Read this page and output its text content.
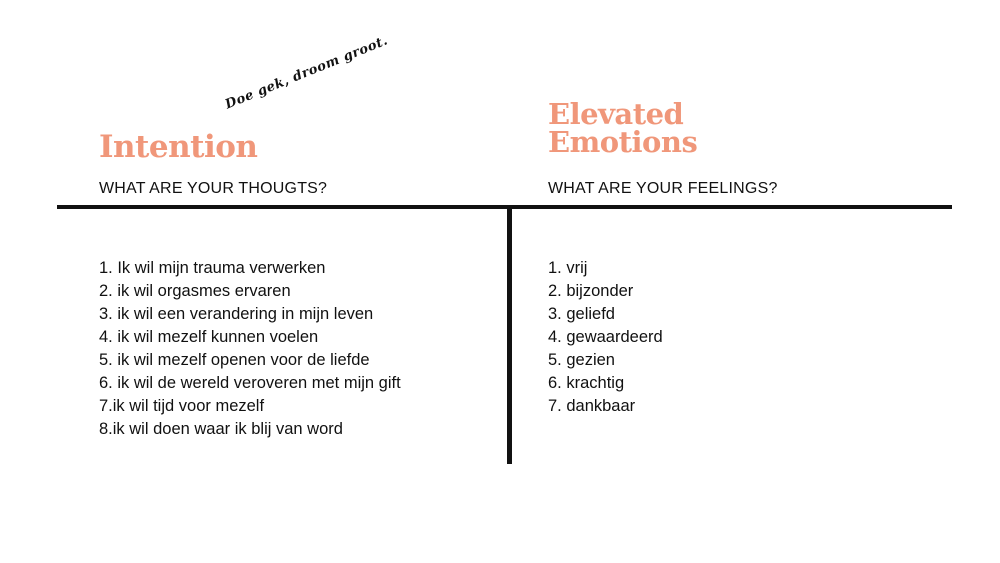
Doe gek, droom groot.
Intention
Elevated
Emotions

WHAT ARE YOUR THOUGTS?	WHAT ARE YOUR FEELINGS?

1. Ik wil mijn trauma verwerken
2. ik wil orgasmes ervaren
3. ik wil een verandering in mijn leven
4. ik wil mezelf kunnen voelen
5. ik wil mezelf openen voor de liefde
6. ik wil de wereld veroveren met mijn gift
7.ik wil tijd voor mezelf
8.ik wil doen waar ik blij van word
1. vrij
2. bijzonder
3. geliefd
4. gewaardeerd
5. gezien
6. krachtig
7. dankbaar
